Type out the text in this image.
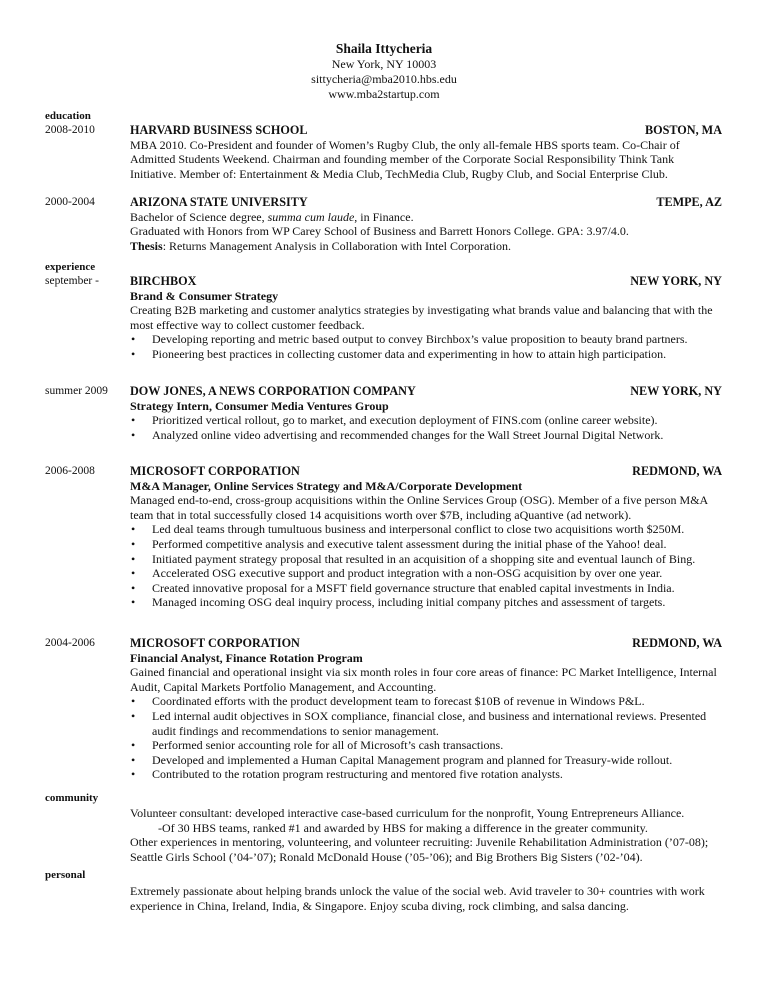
Shaila Ittycheria
New York, NY 10003
sittycheria@mba2010.hbs.edu
www.mba2startup.com
education
2008-2010	HARVARD BUSINESS SCHOOL	BOSTON, MA

MBA 2010. Co-President and founder of Women’s Rugby Club, the only all-female HBS sports team. Co-Chair of Admitted Students Weekend. Chairman and founding member of the Corporate Social Responsibility Think Tank Initiative. Member of: Entertainment & Media Club, TechMedia Club, Rugby Club, and Social Enterprise Club.

2000-2004	ARIZONA STATE UNIVERSITY	TEMPE, AZ

Bachelor of Science degree, summa cum laude, in Finance.

Graduated with Honors from WP Carey School of Business and Barrett Honors College. GPA: 3.97/4.0.

Thesis: Returns Management Analysis in Collaboration with Intel Corporation.

experience
september -	BIRCHBOX	NEW YORK, NY
Brand & Consumer Strategy

Creating B2B marketing and customer analytics strategies by investigating what brands value and balancing that with the most effective way to collect customer feedback.

• Developing reporting and metric based output to convey Birchbox’s value proposition to beauty brand partners.
• Pioneering best practices in collecting customer data and experimenting in how to attain high participation.
summer 2009 DOW JONES, A NEWS CORPORATION COMPANY	NEW YORK, NY
Strategy Intern, Consumer Media Ventures Group
• Prioritized vertical rollout, go to market, and execution deployment of FINS.com (online career website).
• Analyzed online video advertising and recommended changes for the Wall Street Journal Digital Network.
2006-2008	MICROSOFT CORPORATION	REDMOND, WA
M&A Manager, Online Services Strategy and M&A/Corporate Development

Managed end-to-end, cross-group acquisitions within the Online Services Group (OSG). Member of a five person M&A team that in total successfully closed 14 acquisitions worth over $7B, including aQuantive (ad network).

• Led deal teams through tumultuous business and interpersonal conflict to close two acquisitions worth $250M.
• Performed competitive analysis and executive talent assessment during the initial phase of the Yahoo! deal.
• Initiated payment strategy proposal that resulted in an acquisition of a shopping site and eventual launch of Bing.
• Accelerated OSG executive support and product integration with a non-OSG acquisition by over one year.
• Created innovative proposal for a MSFT field governance structure that enabled capital investments in India.
• Managed incoming OSG deal inquiry process, including initial company pitches and assessment of targets.
2004-2006	MICROSOFT CORPORATION	REDMOND, WA
Financial Analyst, Finance Rotation Program

Gained financial and operational insight via six month roles in four core areas of finance: PC Market Intelligence, Internal Audit, Capital Markets Portfolio Management, and Accounting.

• Coordinated efforts with the product development team to forecast $10B of revenue in Windows P&L.
• Led internal audit objectives in SOX compliance, financial close, and business and international reviews. Presented audit findings and recommendations to senior management.
• Performed senior accounting role for all of Microsoft’s cash transactions.
• Developed and implemented a Human Capital Management program and planned for Treasury-wide rollout.
• Contributed to the rotation program restructuring and mentored five rotation analysts.
community

Volunteer consultant: developed interactive case-based curriculum for the nonprofit, Young Entrepreneurs Alliance.

-Of 30 HBS teams, ranked #1 and awarded by HBS for making a difference in the greater community.

Other experiences in mentoring, volunteering, and volunteer recruiting: Juvenile Rehabilitation Administration (’07-08); Seattle Girls School (’04-’07); Ronald McDonald House (’05-’06); and Big Brothers Big Sisters (’02-’04).

personal

Extremely passionate about helping brands unlock the value of the social web. Avid traveler to 30+ countries with work experience in China, Ireland, India, & Singapore. Enjoy scuba diving, rock climbing, and salsa dancing.
